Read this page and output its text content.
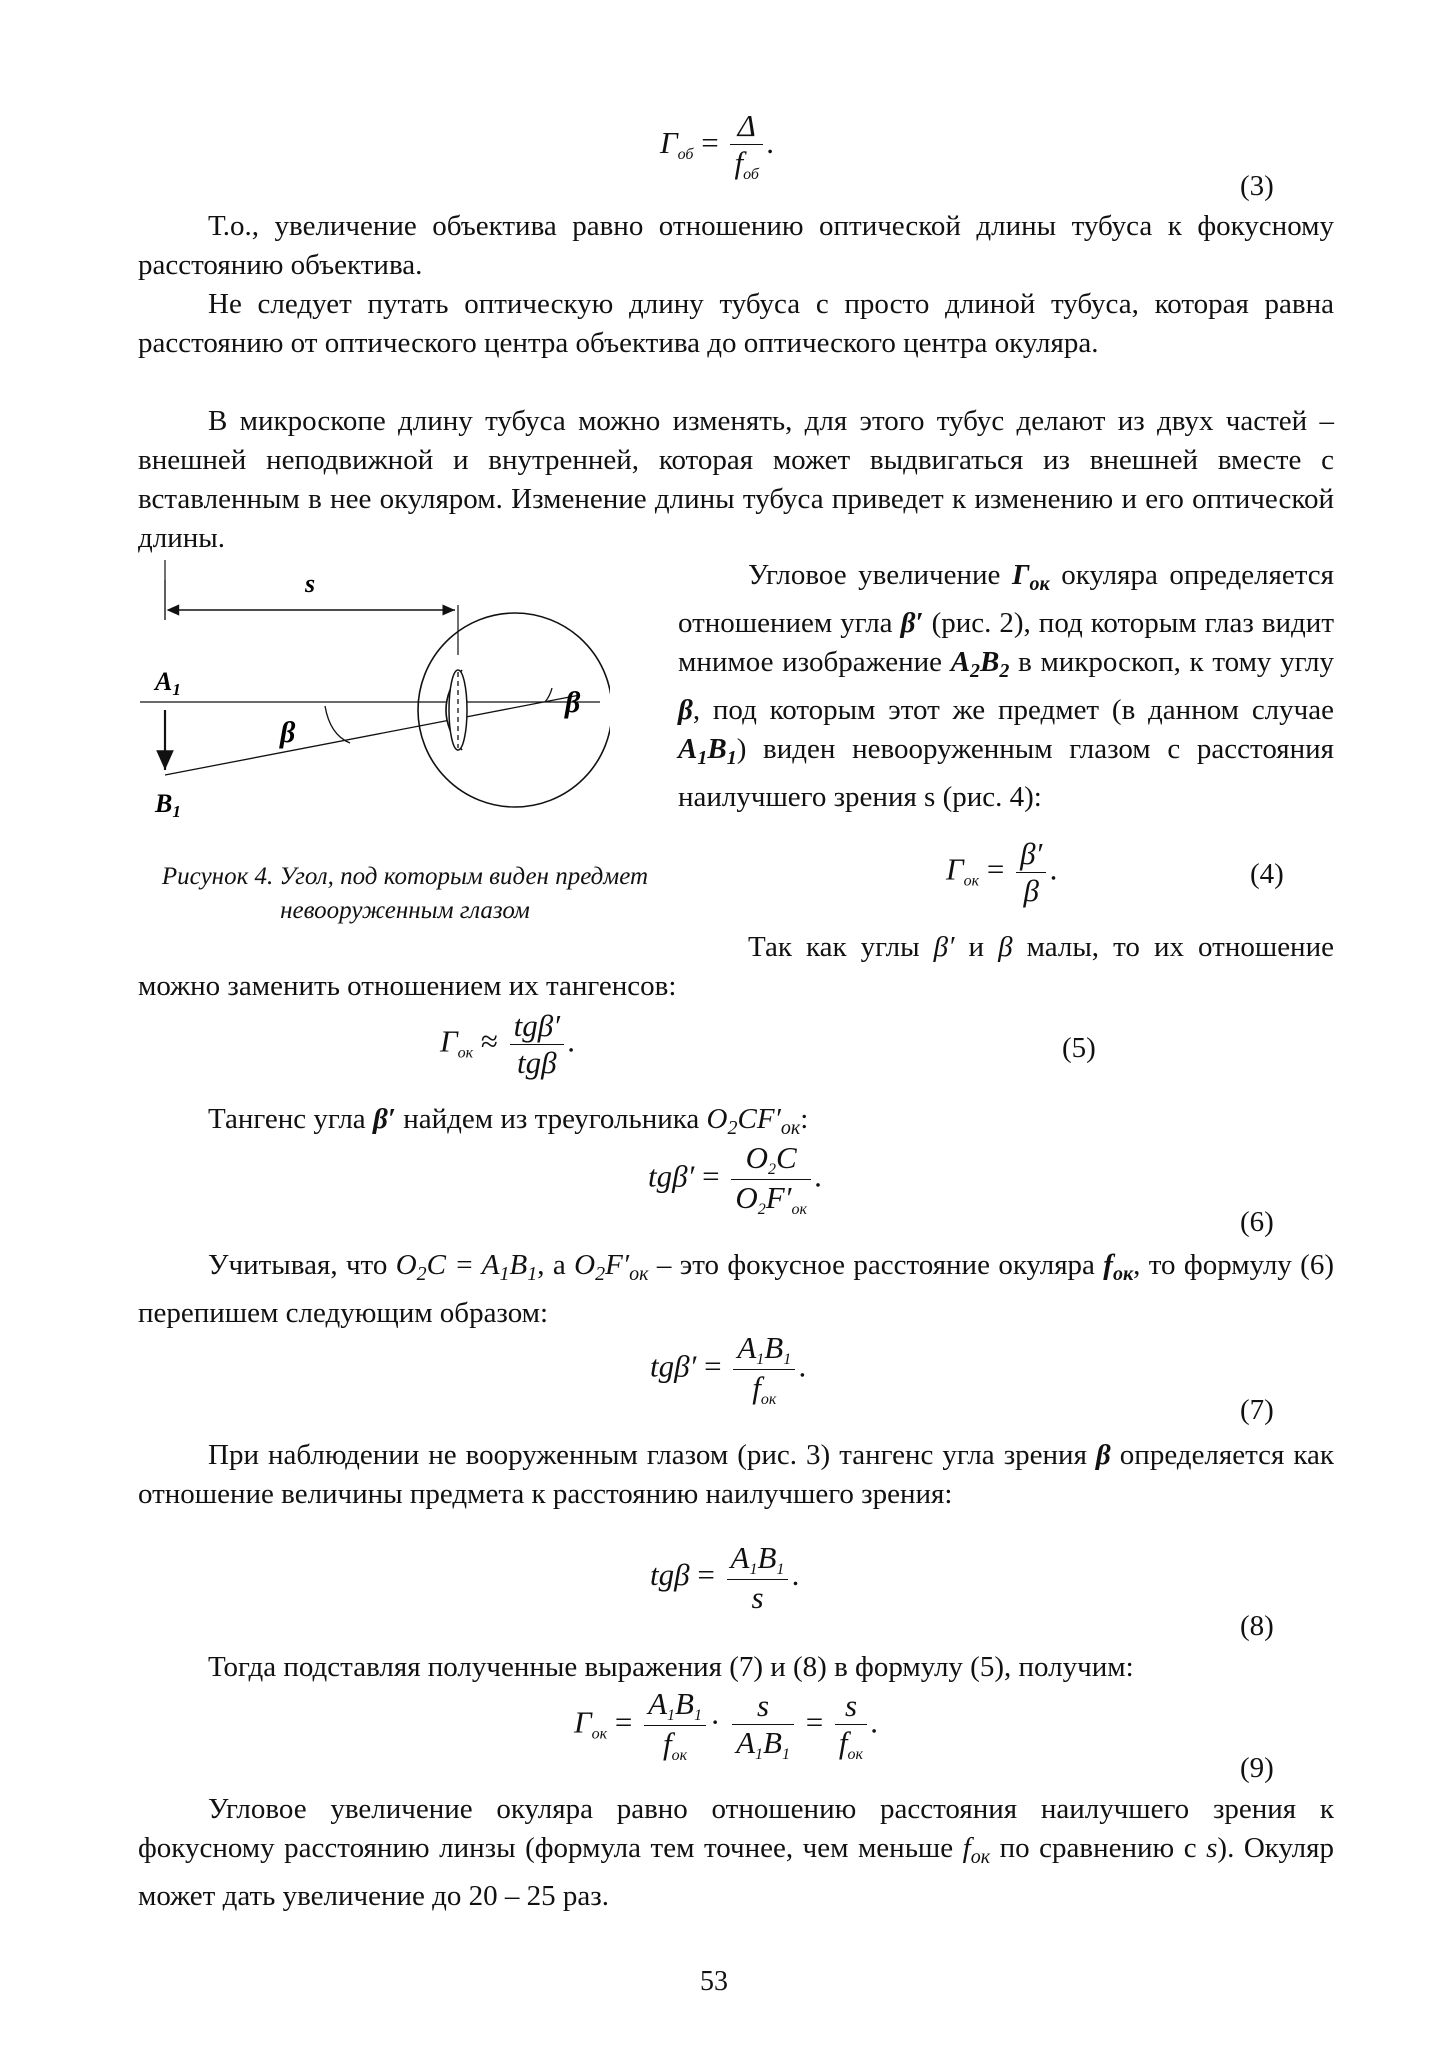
$Г_{об} = \frac{\Delta}{f_{об}}$ .
(3)

Т.о., увеличение объектива равно отношению оптической длины тубуса к фокусному расстоянию объектива.

Не следует путать оптическую длину тубуса с просто длиной тубуса, которая равна расстоянию от оптического центра объектива до оптического центра окуляра.

В микроскопе длину тубуса можно изменять, для этого тубус делают из двух частей – внешней неподвижной и внутренней, которая может выдвигаться из внешней вместе с вставленным в нее окуляром. Изменение длины тубуса приведет к изменению и его оптической длины.

s
A1
B1
β
β
Рисунок 4. Угол, под которым виден предмет невооруженным глазом

Угловое увеличение $Г_{ок}$ окуляра определяется отношением угла β′ (рис. 2), под которым глаз видит мнимое изображение $A_2B_2$ в микроскоп, к тому углу β, под которым этот же предмет (в данном случае $A_1B_1$) виден невооруженным глазом с расстояния наилучшего зрения s (рис. 4):

$Г_{ок} = \frac{\beta'}{\beta}$ .	(4)

Так как углы β′ и β малы, то их отношение можно заменить отношением их тангенсов:

$Г_{ок} \approx \frac{\text{tgβ′}}{\text{tgβ}}$ .	(5)

Тангенс угла β′ найдем из треугольника $O_2CF'_{ок}$:

$tg\beta' = \frac{O_2C}{O_2F'_{ок}}$ .
(6)

Учитывая, что $O_2C = A_1B_1$, а $O_2F'_{ок}$ – это фокусное расстояние окуляра $f_{ок}$, то формулу (6) перепишем следующим образом:

$tg\beta' = \frac{A_1B_1}{f_{ок}}$ .
(7)

При наблюдении не вооруженным глазом (рис. 3) тангенс угла зрения β определяется как отношение величины предмета к расстоянию наилучшего зрения:

$tg\beta = \frac{A_1B_1}{s}$ .
(8)

Тогда подставляя полученные выражения (7) и (8) в формулу (5), получим:

$Г_{ок} = \frac{A_1B_1}{f_{ок}} \cdot \frac{s}{A_1B_1} = \frac{s}{f_{ок}}$ .
(9)

Угловое увеличение окуляра равно отношению расстояния наилучшего зрения к фокусному расстоянию линзы (формула тем точнее, чем меньше $f_{ок}$ по сравнению с s). Окуляр может дать увеличение до 20 – 25 раз.

53
